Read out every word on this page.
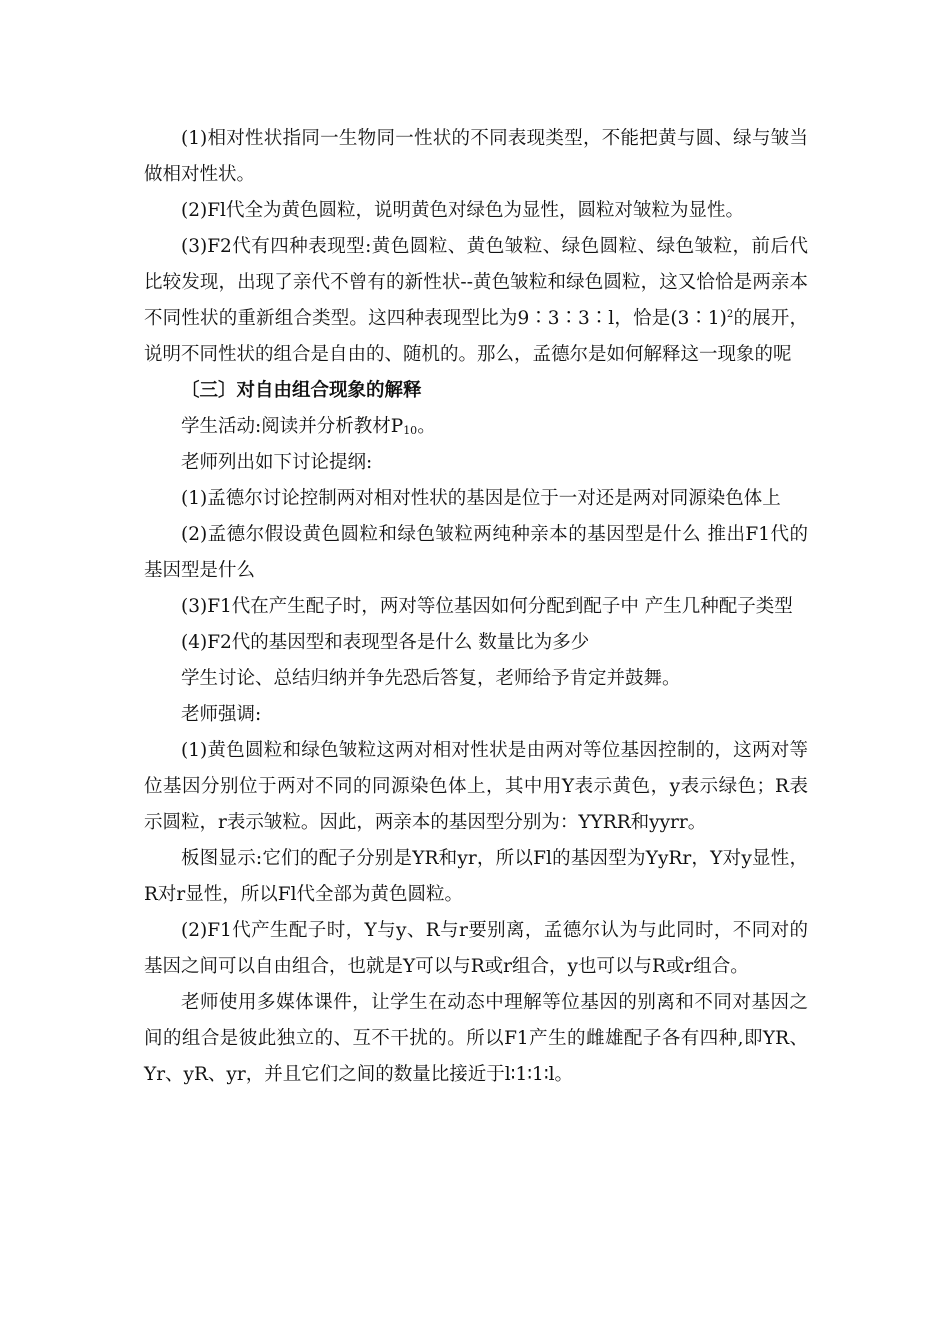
(1)相对性状指同一生物同一性状的不同表现类型，不能把黄与圆、绿与皱当做相对性状。

(2)Fl代全为黄色圆粒，说明黄色对绿色为显性，圆粒对皱粒为显性。

(3)F2代有四种表现型:黄色圆粒、黄色皱粒、绿色圆粒、绿色皱粒，前后代比较发现，出现了亲代不曾有的新性状--黄色皱粒和绿色圆粒，这又恰恰是两亲本不同性状的重新组合类型。这四种表现型比为9∶3∶3∶l，恰是(3∶1)$^2$的展开，说明不同性状的组合是自由的、随机的。那么，孟德尔是如何解释这一现象的呢

〔三〕对自由组合现象的解释

学生活动:阅读并分析教材$P_{10}$。

老师列出如下讨论提纲:

(1)孟德尔讨论控制两对相对性状的基因是位于一对还是两对同源染色体上

(2)孟德尔假设黄色圆粒和绿色皱粒两纯种亲本的基因型是什么 推出F1代的基因型是什么

(3)F1代在产生配子时，两对等位基因如何分配到配子中 产生几种配子类型

(4)F2代的基因型和表现型各是什么 数量比为多少

学生讨论、总结归纳并争先恐后答复，老师给予肯定并鼓舞。

老师强调:

(1)黄色圆粒和绿色皱粒这两对相对性状是由两对等位基因控制的，这两对等位基因分别位于两对不同的同源染色体上，其中用Y表示黄色，y表示绿色；R表示圆粒，r表示皱粒。因此，两亲本的基因型分别为：YYRR和yyrr。

板图显示:它们的配子分别是YR和yr，所以Fl的基因型为YyRr，Y对y显性，R对r显性，所以Fl代全部为黄色圆粒。

(2)F1代产生配子时，Y与y、R与r要别离，孟德尔认为与此同时，不同对的基因之间可以自由组合，也就是Y可以与R或r组合，y也可以与R或r组合。

老师使用多媒体课件，让学生在动态中理解等位基因的别离和不同对基因之间的组合是彼此独立的、互不干扰的。所以F1产生的雌雄配子各有四种,即YR、Yr、yR、yr，并且它们之间的数量比接近于l∶1∶1∶l。
